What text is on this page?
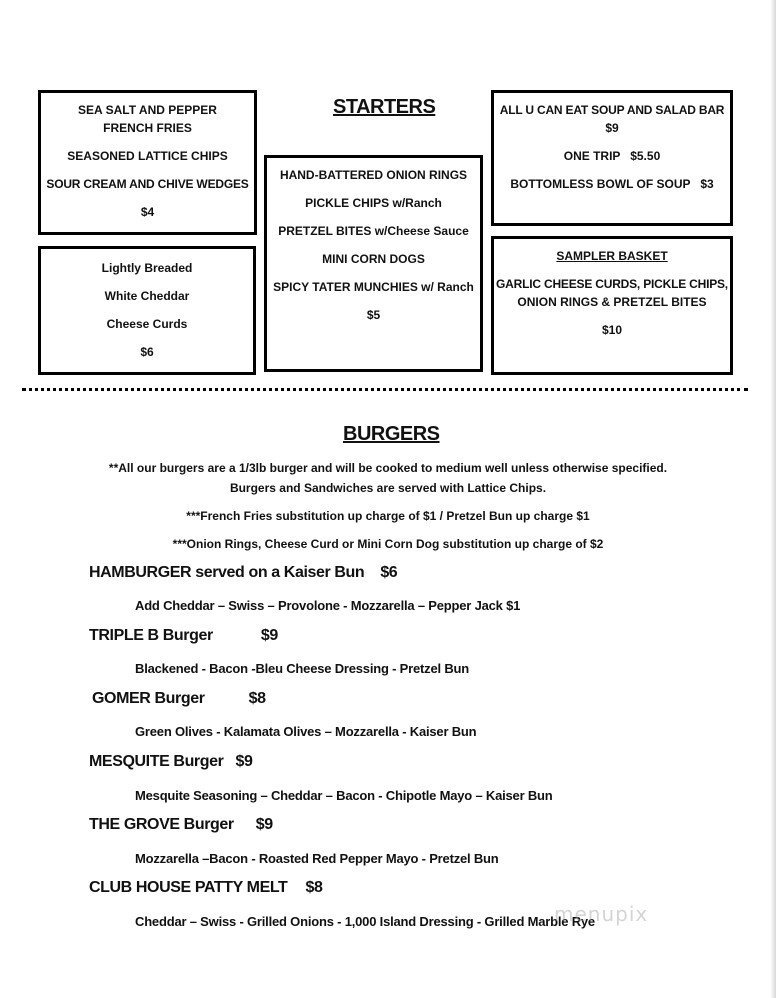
STARTERS

SEA SALT AND PEPPER

FRENCH FRIES

SEASONED LATTICE CHIPS

SOUR CREAM AND CHIVE WEDGES

$4

Lightly Breaded

White Cheddar

Cheese Curds

$6

HAND-BATTERED ONION RINGS

PICKLE CHIPS w/Ranch

PRETZEL BITES w/Cheese Sauce

MINI CORN DOGS

SPICY TATER MUNCHIES w/ Ranch

$5

ALL U CAN EAT SOUP AND SALAD BAR

$9

ONE TRIP   $5.50

BOTTOMLESS BOWL OF SOUP   $3

SAMPLER BASKET

GARLIC CHEESE CURDS, PICKLE CHIPS,

ONION RINGS & PRETZEL BITES

$10

BURGERS
**All our burgers are a 1/3lb burger and will be cooked to medium well unless otherwise specified.
Burgers and Sandwiches are served with Lattice Chips.
***French Fries substitution up charge of $1 / Pretzel Bun up charge $1
***Onion Rings, Cheese Curd or Mini Corn Dog substitution up charge of $2
HAMBURGER served on a Kaiser Bun $6
Add Cheddar – Swiss – Provolone - Mozzarella – Pepper Jack $1
TRIPLE B Burger	$9
Blackened - Bacon -Bleu Cheese Dressing - Pretzel Bun
GOMER Burger	$8
Green Olives - Kalamata Olives – Mozzarella - Kaiser Bun
MESQUITE Burger $9
Mesquite Seasoning – Cheddar – Bacon - Chipotle Mayo – Kaiser Bun
THE GROVE Burger $9
Mozzarella –Bacon - Roasted Red Pepper Mayo - Pretzel Bun
CLUB HOUSE PATTY MELT $8
Cheddar – Swiss - Grilled Onions - 1,000 Island Dressing - Grilled Marble Rye
menupix
